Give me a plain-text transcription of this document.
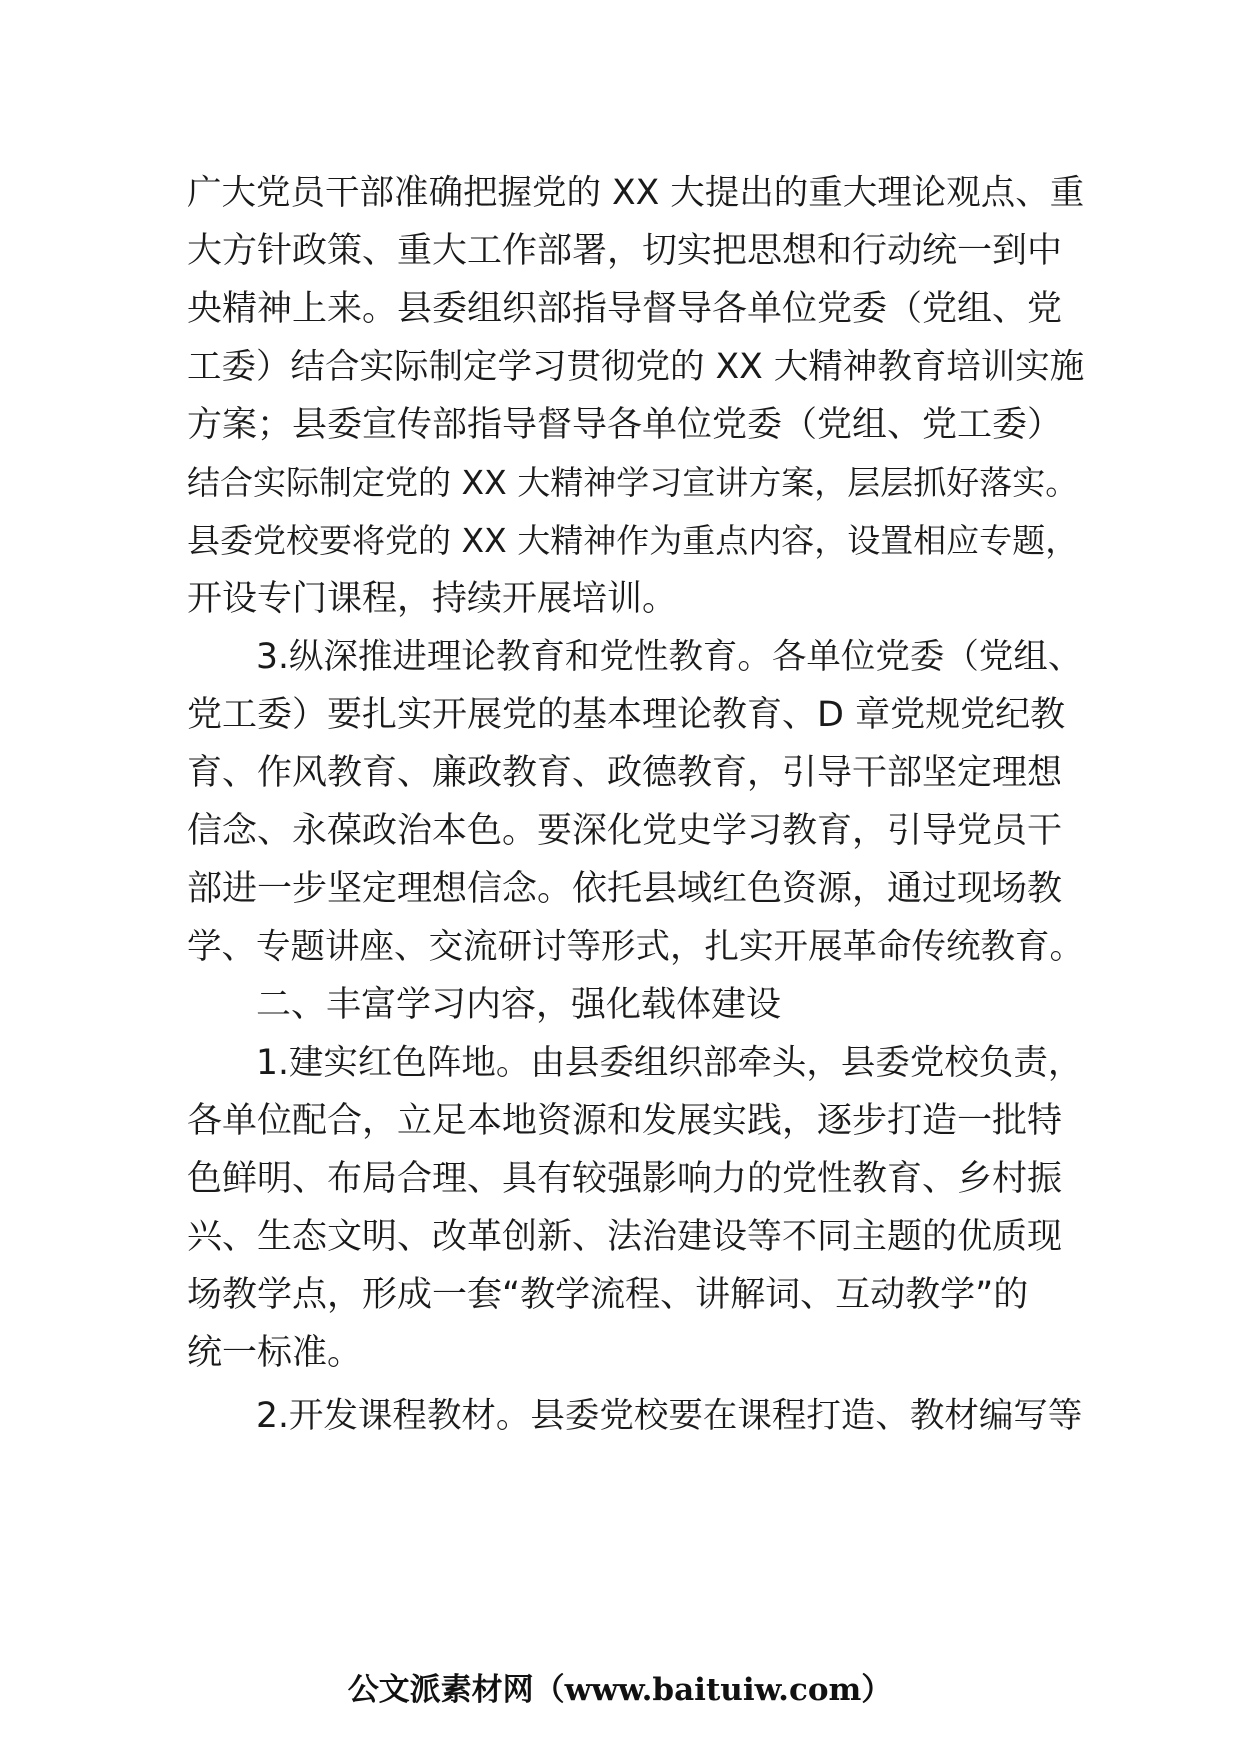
广大党员干部准确把握党的 XX 大提出的重大理论观点、重
大方针政策、重大工作部署，切实把思想和行动统一到中
央精神上来。县委组织部指导督导各单位党委（党组、党
工委）结合实际制定学习贯彻党的 XX 大精神教育培训实施
方案；县委宣传部指导督导各单位党委（党组、党工委）
结合实际制定党的 XX 大精神学习宣讲方案，层层抓好落实。
县委党校要将党的 XX 大精神作为重点内容，设置相应专题，
开设专门课程，持续开展培训。
3.纵深推进理论教育和党性教育。各单位党委（党组、
党工委）要扎实开展党的基本理论教育、D 章党规党纪教
育、作风教育、廉政教育、政德教育，引导干部坚定理想
信念、永葆政治本色。要深化党史学习教育，引导党员干
部进一步坚定理想信念。依托县域红色资源，通过现场教
学、专题讲座、交流研讨等形式，扎实开展革命传统教育。
二、丰富学习内容，强化载体建设
1.建实红色阵地。由县委组织部牵头，县委党校负责，
各单位配合，立足本地资源和发展实践，逐步打造一批特
色鲜明、布局合理、具有较强影响力的党性教育、乡村振
兴、生态文明、改革创新、法治建设等不同主题的优质现
场教学点，形成一套“教学流程、讲解词、互动教学”的
统一标准。
2.开发课程教材。县委党校要在课程打造、教材编写等
公文派素材网（www.baituiw.com）
